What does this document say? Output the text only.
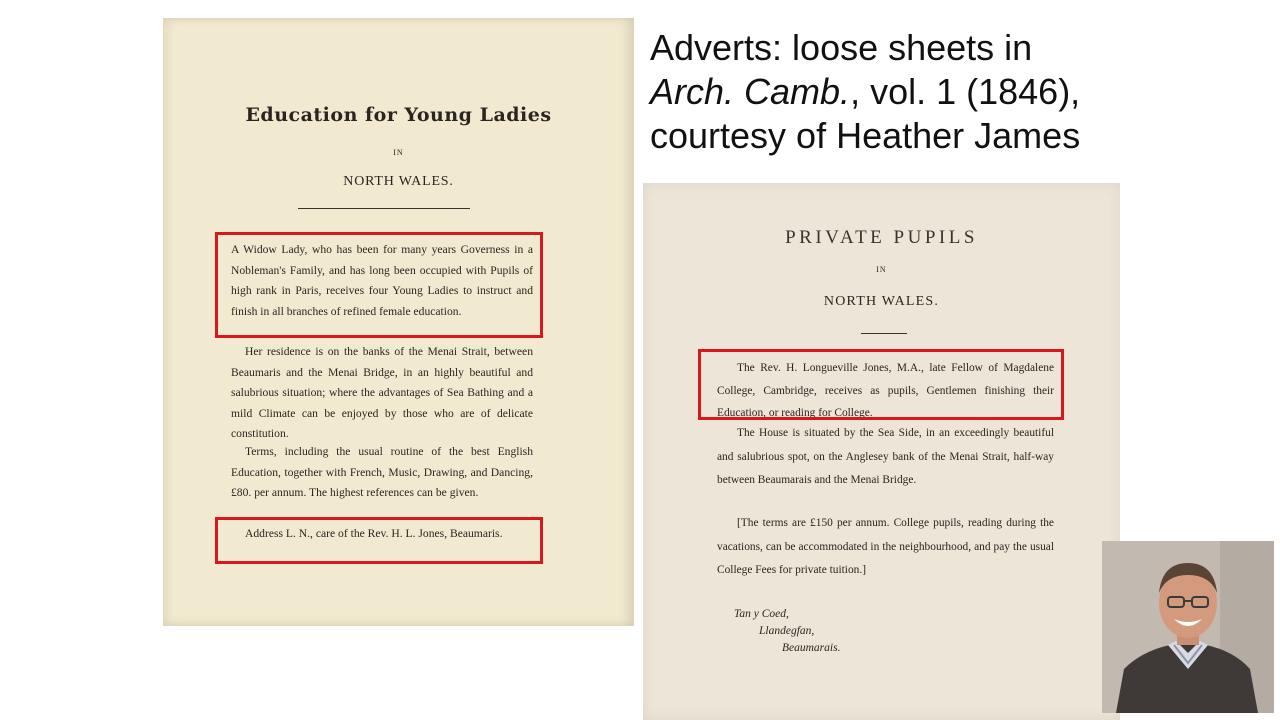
Adverts: loose sheets in
Arch. Camb., vol. 1 (1846),
courtesy of Heather James
Education for Young Ladies
IN
NORTH WALES.

A Widow Lady, who has been for many years Governess in a Nobleman's Family, and has long been occupied with Pupils of high rank in Paris, receives four Young Ladies to instruct and finish in all branches of refined female education.

Her residence is on the banks of the Menai Strait, between Beaumaris and the Menai Bridge, in an highly beautiful and salubrious situation; where the advantages of Sea Bathing and a mild Climate can be enjoyed by those who are of delicate constitution.

Terms, including the usual routine of the best English Education, together with French, Music, Drawing, and Dancing, £80. per annum. The highest references can be given.

Address L. N., care of the Rev. H. L. Jones, Beaumaris.

PRIVATE PUPILS
IN
NORTH WALES.

The Rev. H. Longueville Jones, M.A., late Fellow of Magdalene College, Cambridge, receives as pupils, Gentlemen finishing their Education, or reading for College.

The House is situated by the Sea Side, in an exceedingly beautiful and salubrious spot, on the Anglesey bank of the Menai Strait, half-way between Beaumarais and the Menai Bridge.

[The terms are £150 per annum. College pupils, reading during the vacations, can be accommodated in the neighbourhood, and pay the usual College Fees for private tuition.]

Tan y Coed,
Llandegfan,
Beaumarais.
